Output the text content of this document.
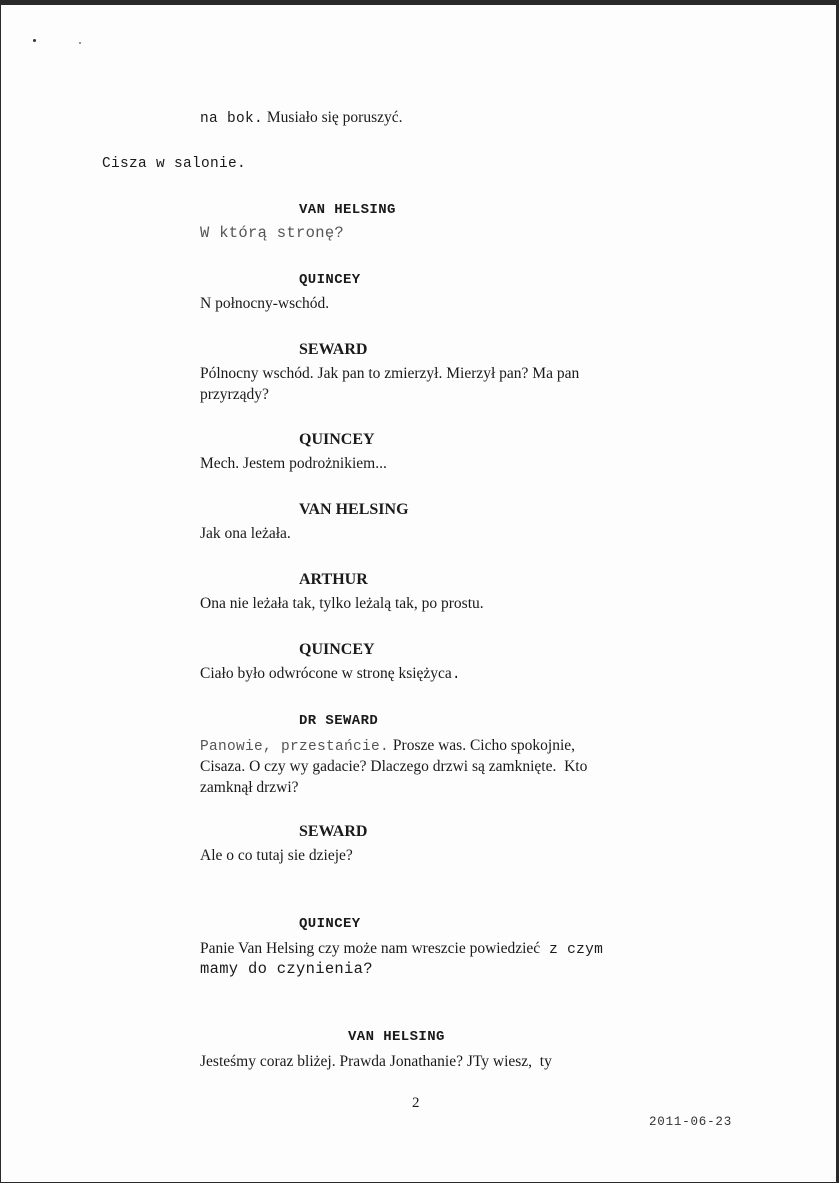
na bok. Musiało się poruszyć.
Cisza w salonie.
VAN HELSING
W którą stronę?
QUINCEY
N połnocny-wschód.
SEWARD
Pólnocny wschód. Jak pan to zmierzył. Mierzył pan? Ma pan
przyrządy?
QUINCEY
Mech. Jestem podrożnikiem...
VAN HELSING
Jak ona leżała.
ARTHUR
Ona nie leżała tak, tylko leżalą tak, po prostu.
QUINCEY
Ciało było odwrócone w stronę księżyca.
DR SEWARD
Panowie, przestańcie. Prosze was. Cicho spokojnie,
Cisaza. O czy wy gadacie? Dlaczego drzwi są zamknięte.  Kto
zamknął drzwi?
SEWARD
Ale o co tutaj sie dzieje?
QUINCEY
Panie Van Helsing czy może nam wreszcie powiedzieć z czym
mamy do czynienia?
VAN HELSING
Jesteśmy coraz bliżej. Prawda Jonathanie? JTy wiesz,  ty
2
2011-06-23
